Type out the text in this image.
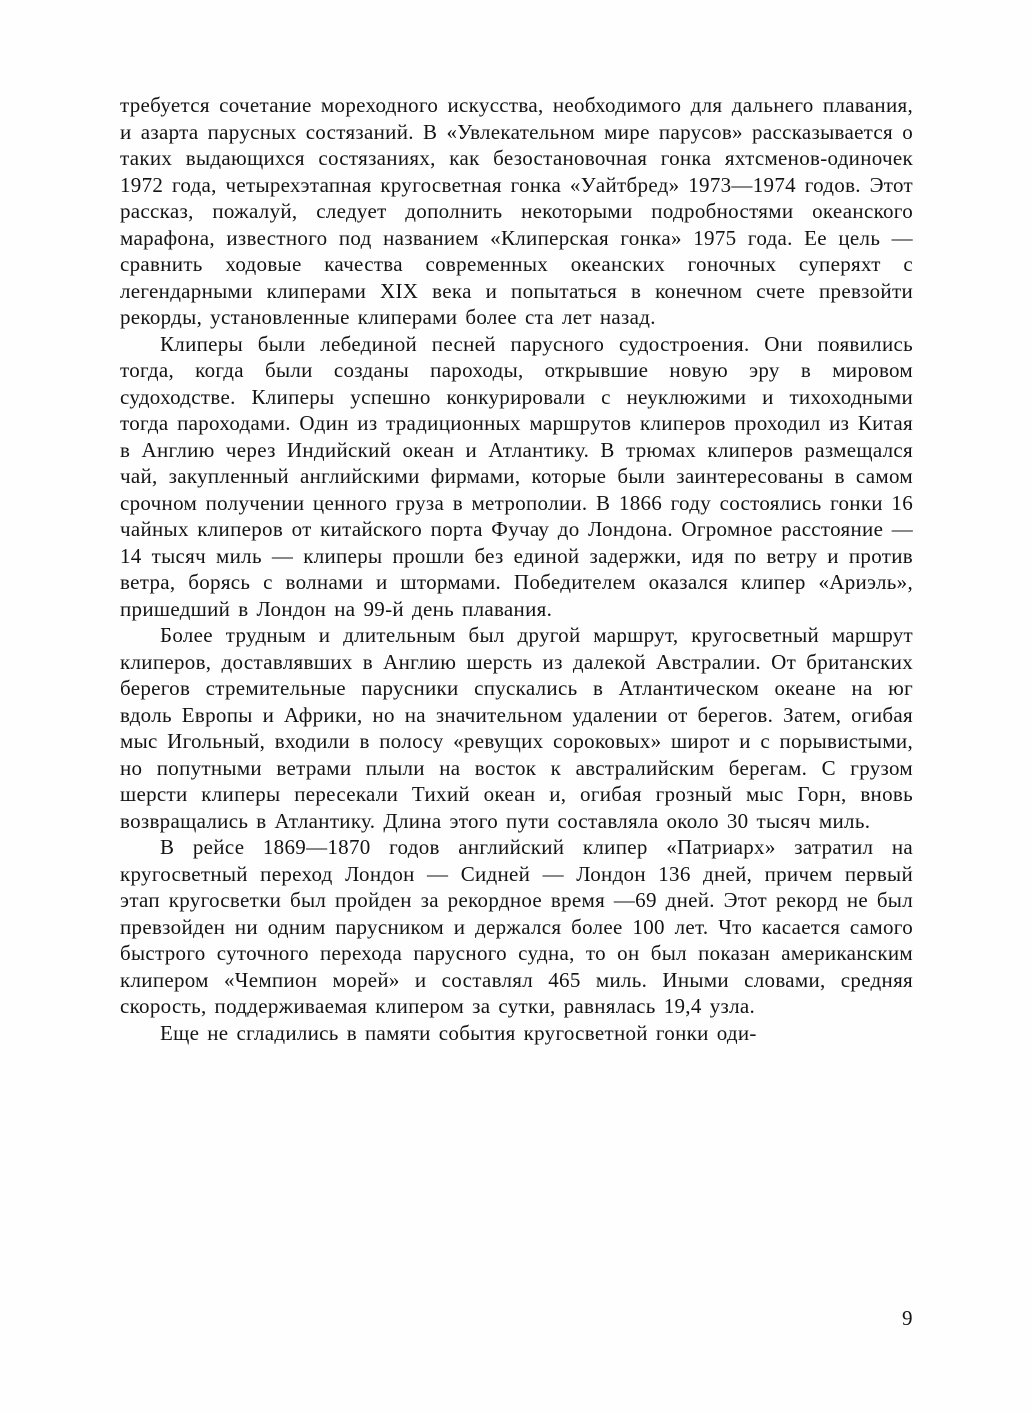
требуется сочетание мореходного искусства, необходимого для дальнего плавания, и азарта парусных состязаний. В «Увлекательном мире парусов» рассказывается о таких выдающихся состязаниях, как безостановочная гонка яхтсменов-одиночек 1972 года, четырехэтапная кругосветная гонка «Уайтбред» 1973—1974 годов. Этот рассказ, пожалуй, следует дополнить некоторыми подробностями океанского марафона, известного под названием «Клиперская гонка» 1975 года. Ее цель — сравнить ходовые качества современных океанских гоночных суперяхт с легендарными клиперами XIX века и попытаться в конечном счете превзойти рекорды, установленные клиперами более ста лет назад.

Клиперы были лебединой песней парусного судостроения. Они появились тогда, когда были созданы пароходы, открывшие новую эру в мировом судоходстве. Клиперы успешно конкурировали с неуклюжими и тихоходными тогда пароходами. Один из традиционных маршрутов клиперов проходил из Китая в Англию через Индийский океан и Атлантику. В трюмах клиперов размещался чай, закупленный английскими фирмами, которые были заинтересованы в самом срочном получении ценного груза в метрополии. В 1866 году состоялись гонки 16 чайных клиперов от китайского порта Фучау до Лондона. Огромное расстояние —14 тысяч миль — клиперы прошли без единой задержки, идя по ветру и против ветра, борясь с волнами и штормами. Победителем оказался клипер «Ариэль», пришедший в Лондон на 99-й день плавания.

Более трудным и длительным был другой маршрут, кругосветный маршрут клиперов, доставлявших в Англию шерсть из далекой Австралии. От британских берегов стремительные парусники спускались в Атлантическом океане на юг вдоль Европы и Африки, но на значительном удалении от берегов. Затем, огибая мыс Игольный, входили в полосу «ревущих сороковых» широт и с порывистыми, но попутными ветрами плыли на восток к австралийским берегам. С грузом шерсти клиперы пересекали Тихий океан и, огибая грозный мыс Горн, вновь возвращались в Атлантику. Длина этого пути составляла около 30 тысяч миль.

В рейсе 1869—1870 годов английский клипер «Патриарх» затратил на кругосветный переход Лондон — Сидней — Лондон 136 дней, причем первый этап кругосветки был пройден за рекордное время —69 дней. Этот рекорд не был превзойден ни одним парусником и держался более 100 лет. Что касается самого быстрого суточного перехода парусного судна, то он был показан американским клипером «Чемпион морей» и составлял 465 миль. Иными словами, средняя скорость, поддерживаемая клипером за сутки, равнялась 19,4 узла.

Еще не сгладились в памяти события кругосветной гонки оди-

9
